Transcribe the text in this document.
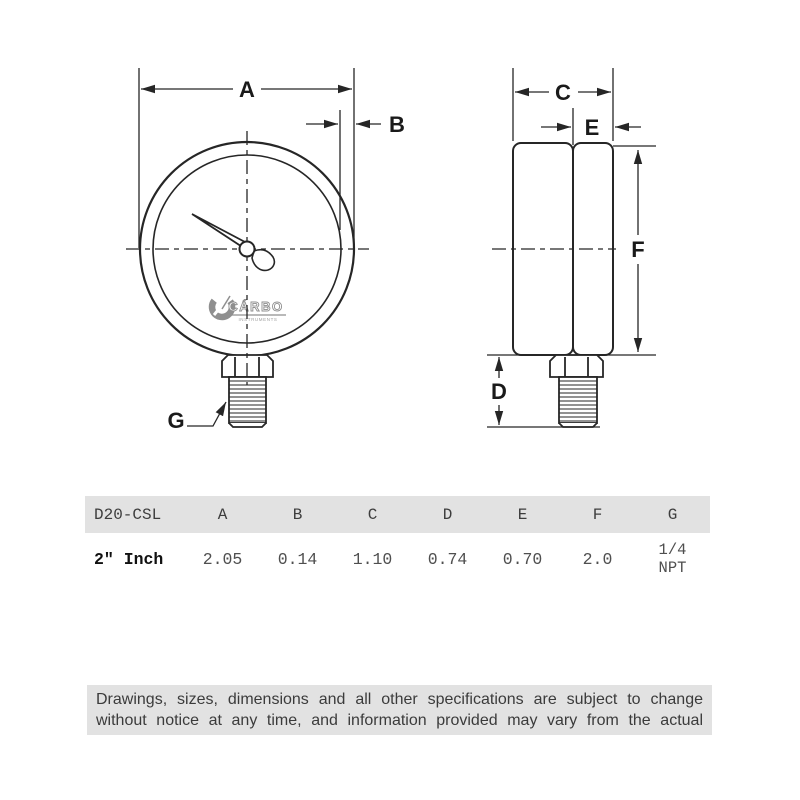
CÁRBO
INSTRUMENTS
A
B
C
E
F
D
G
D20-CSL	A	B	C	D	E	F	G
2″ Inch	2.05	0.14	1.10	0.74	0.70	2.0	1/4
NPT
Drawings, sizes, dimensions and all other specifications are subject to change
without notice at any time, and information provided may vary from the actual
